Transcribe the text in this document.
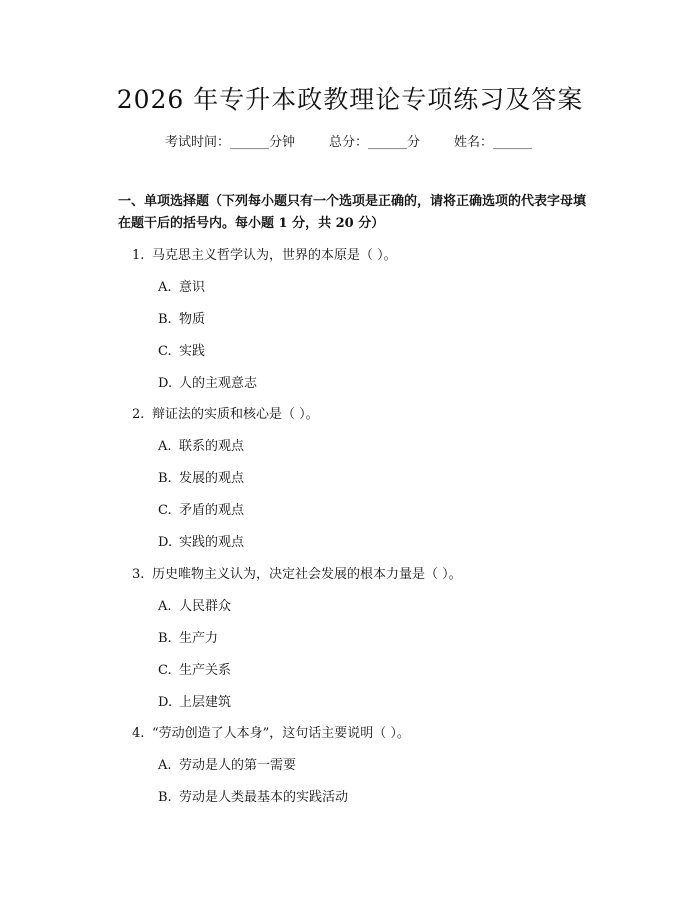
2026 年专升本政教理论专项练习及答案
考试时间：______分钟	总分：______分	姓名：______
一、单项选择题（下列每小题只有一个选项是正确的，请将正确选项的代表字母填在题干后的括号内。每小题 1 分，共 20 分）
1. 马克思主义哲学认为，世界的本原是（ ）。
A. 意识
B. 物质
C. 实践
D. 人的主观意志
2. 辩证法的实质和核心是（ ）。
A. 联系的观点
B. 发展的观点
C. 矛盾的观点
D. 实践的观点
3. 历史唯物主义认为，决定社会发展的根本力量是（ ）。
A. 人民群众
B. 生产力
C. 生产关系
D. 上层建筑
4. “劳动创造了人本身”，这句话主要说明（ ）。
A. 劳动是人的第一需要
B. 劳动是人类最基本的实践活动
